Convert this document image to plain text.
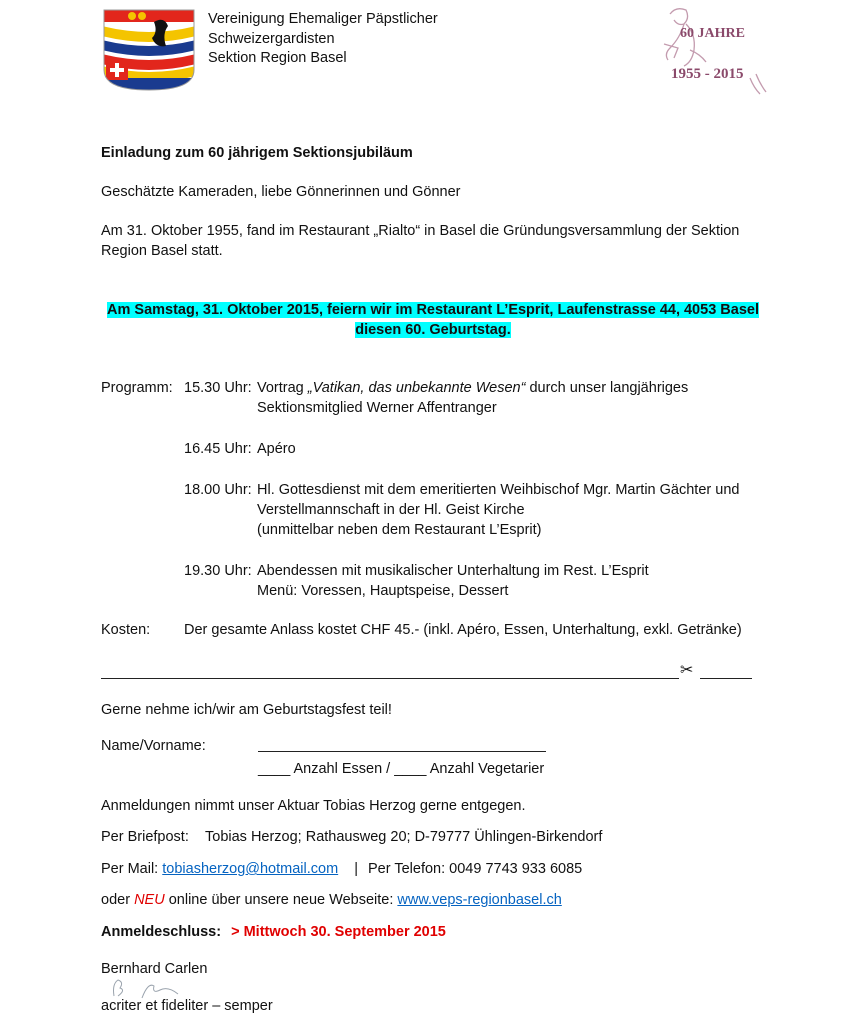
Vereinigung Ehemaliger Päpstlicher
Schweizergardisten
Sektion Region Basel
60 JAHRE
1955 - 2015
Einladung zum 60 jährigem Sektionsjubiläum
Geschätzte Kameraden, liebe Gönnerinnen und Gönner
Am 31. Oktober 1955, fand im Restaurant „Rialto“ in Basel die Gründungsversammlung der Sektion
Region Basel statt.
Am Samstag, 31. Oktober 2015, feiern wir im Restaurant L’Esprit, Laufenstrasse 44, 4053 Basel
diesen 60. Geburtstag.
Programm: 15.30 Uhr: Vortrag „Vatikan, das unbekannte Wesen“ durch unser langjähriges
Sektionsmitglied Werner Affentranger
16.45 Uhr: Apéro
18.00 Uhr: Hl. Gottesdienst mit dem emeritierten Weihbischof Mgr. Martin Gächter und
Verstellmannschaft in der Hl. Geist Kirche
(unmittelbar neben dem Restaurant L’Esprit)
19.30 Uhr: Abendessen mit musikalischer Unterhaltung im Rest. L’Esprit
Menü: Voressen, Hauptspeise, Dessert
Kosten: Der gesamte Anlass kostet CHF 45.- (inkl. Apéro, Essen, Unterhaltung, exkl. Getränke)
✂
Gerne nehme ich/wir am Geburtstagsfest teil!
Name/Vorname:
____ Anzahl Essen / ____ Anzahl Vegetarier
Anmeldungen nimmt unser Aktuar Tobias Herzog gerne entgegen.
Per Briefpost: Tobias Herzog; Rathausweg 20; D-79777 Ühlingen-Birkendorf
Per Mail: tobiasherzog@hotmail.com | Per Telefon: 0049 7743 933 6085
oder NEU online über unsere neue Webseite: www.veps-regionbasel.ch
Anmeldeschluss: > Mittwoch 30. September 2015
Bernhard Carlen
acriter et fideliter – semper
